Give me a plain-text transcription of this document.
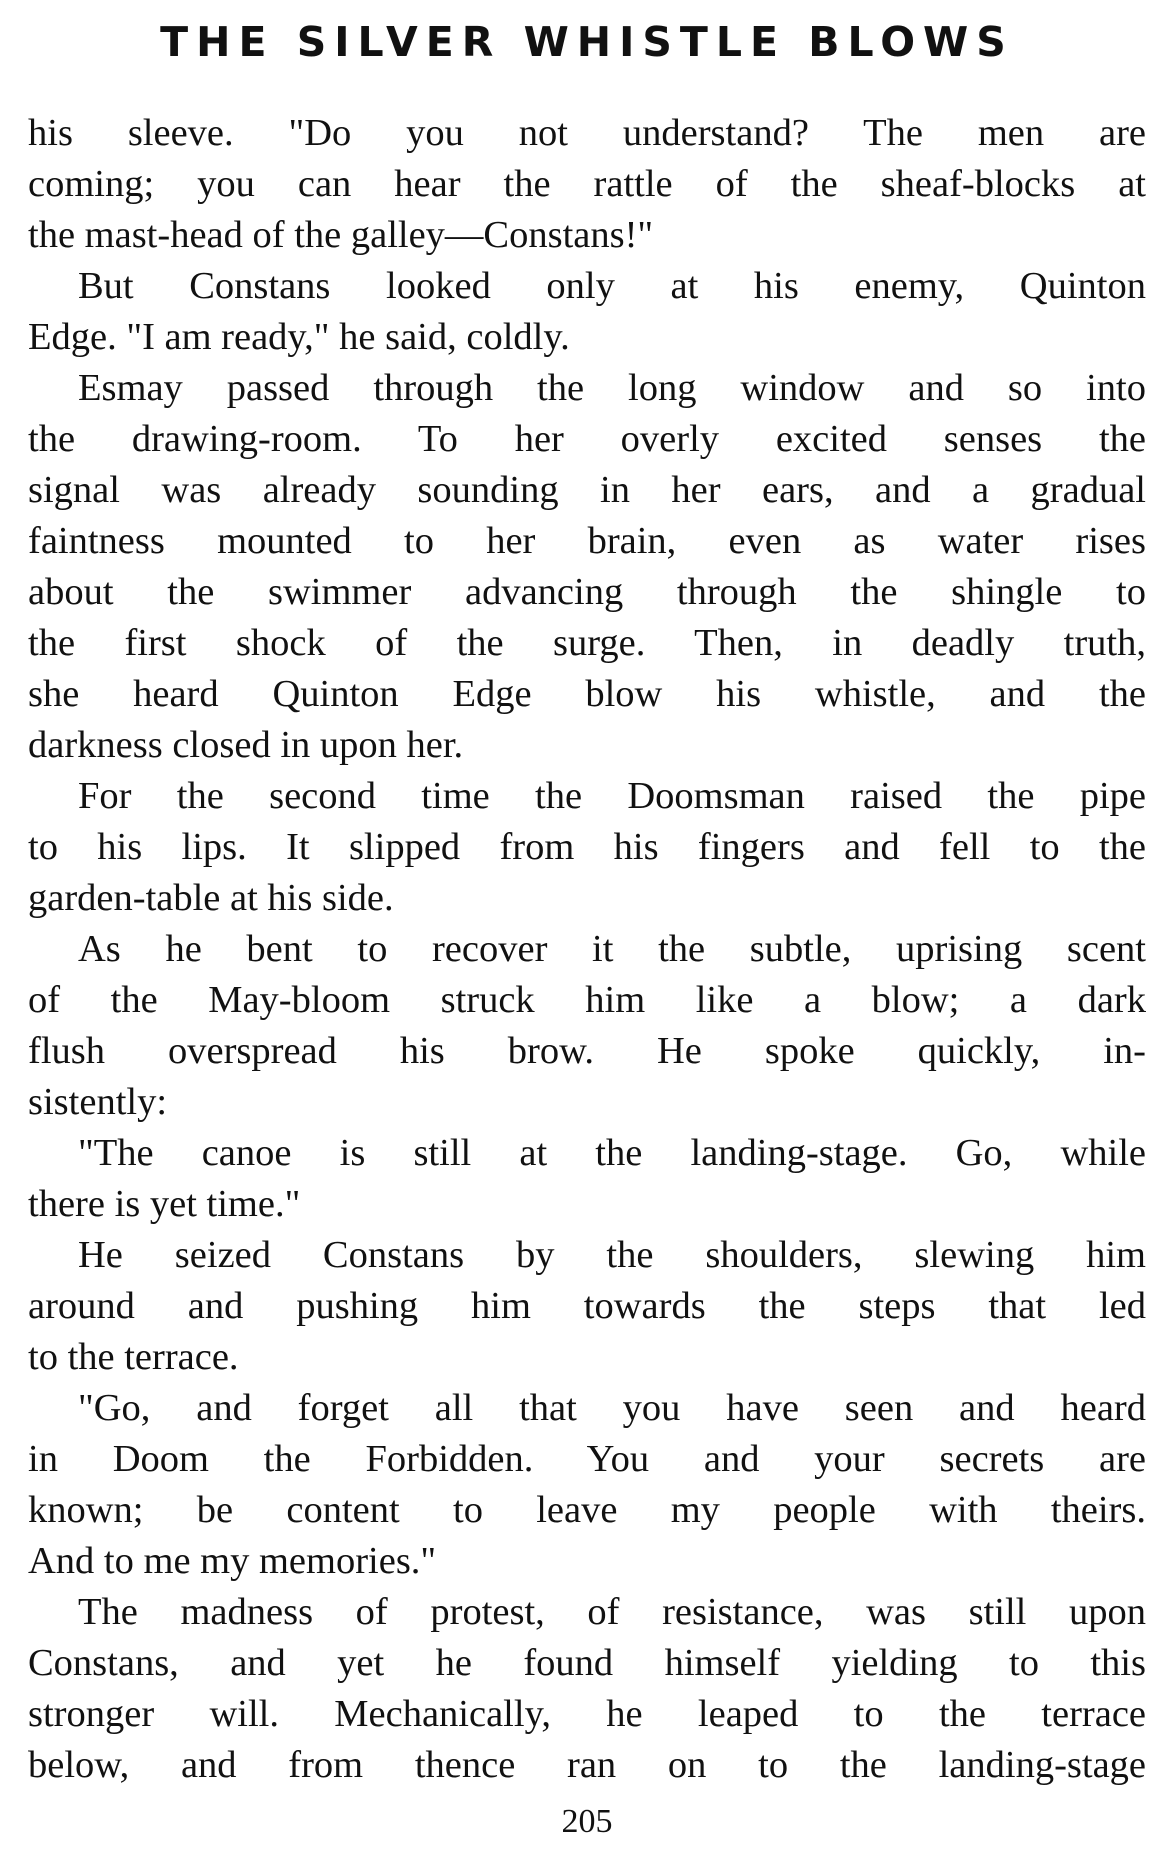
THE SILVER WHISTLE BLOWS
his sleeve. "Do you not understand? The men are
coming; you can hear the rattle of the sheaf-blocks at
the mast-head of the galley—Constans!"
But Constans looked only at his enemy, Quinton
Edge. "I am ready," he said, coldly.
Esmay passed through the long window and so into
the drawing-room. To her overly excited senses the
signal was already sounding in her ears, and a gradual
faintness mounted to her brain, even as water rises
about the swimmer advancing through the shingle to
the first shock of the surge. Then, in deadly truth,
she heard Quinton Edge blow his whistle, and the
darkness closed in upon her.
For the second time the Doomsman raised the pipe
to his lips. It slipped from his fingers and fell to the
garden-table at his side.
As he bent to recover it the subtle, uprising scent
of the May-bloom struck him like a blow; a dark
flush overspread his brow. He spoke quickly, in-
sistently:
"The canoe is still at the landing-stage. Go, while
there is yet time."
He seized Constans by the shoulders, slewing him
around and pushing him towards the steps that led
to the terrace.
"Go, and forget all that you have seen and heard
in Doom the Forbidden. You and your secrets are
known; be content to leave my people with theirs.
And to me my memories."
The madness of protest, of resistance, was still upon
Constans, and yet he found himself yielding to this
stronger will. Mechanically, he leaped to the terrace
below, and from thence ran on to the landing-stage
205
